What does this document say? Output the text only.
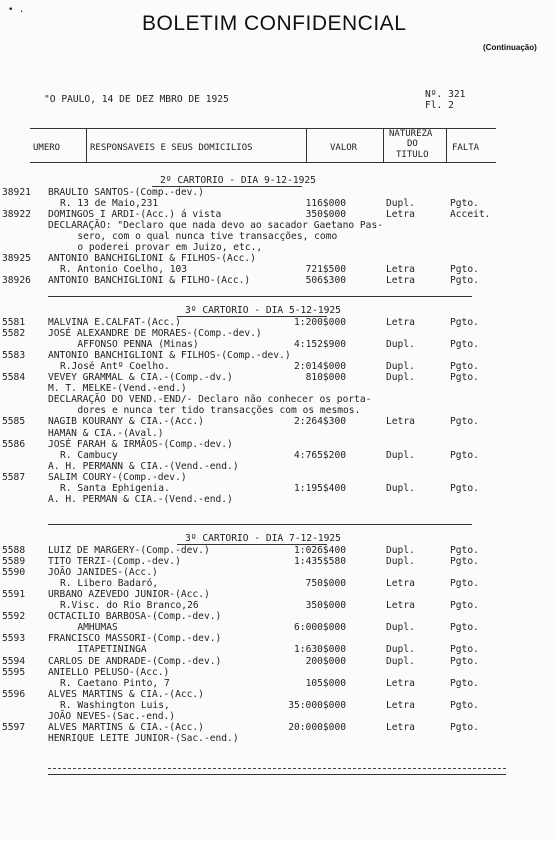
• .
BOLETIM CONFIDENCIAL
(Continuação)
"O PAULO, 14 DE DEZ MBRO DE 1925	Nº. 321
Fl. 2
UMERO	RESPONSAVEIS E SEUS DOMICILIOS	VALOR
NATUREZA
DO
TITULO
FALTA
2º CARTORIO - DIA 9-12-1925
38921 BRAULIO SANTOS-(Comp.-dev.)
R. 13 de Maio,231	116$000	Dupl.	Pgto.
38922 DOMINGOS I ARDI-(Acc.) á vista	350$000	Letra	Acceit.
DECLARAÇÃO: "Declaro que nada devo ao sacador Gaetano Pas-
sero, com o qual nunca tive transacções, como
o poderei provar em Juizo, etc.,
38925 ANTONIO BANCHIGLIONI & FILHOS-(Acc.)
R. Antonio Coelho, 103	721$500	Letra	Pgto.
38926 ANTONIO BANCHIGLIONI & FILHO-(Acc.)	506$300	Letra	Pgto.
3º CARTORIO - DIA 5-12-1925
5581 MALVINA E.CALFAT-(Acc.)	1:200$000	Letra	Pgto.
5582 JOSÉ ALEXANDRE DE MORAES-(Comp.-dev.)
AFFONSO PENNA (Minas)	4:152$900	Dupl.	Pgto.
5583 ANTONIO BANCHIGLIONI & FILHOS-(Comp.-dev.)
R.José Antº Coelho.	2:014$000	Dupl.	Pgto.
5584 VEVEY GRAMMAL & CIA.-(Comp.-dv.)	810$000	Dupl.	Pgto.
M. T. MELKE-(Vend.-end.)
DECLARAÇÃO DO VEND.-END/- Declaro não conhecer os porta-
dores e nunca ter tido transacções com os mesmos.
5585 NAGIB KOURANY & CIA.-(Acc.)	2:264$300	Letra	Pgto.
HAMAN & CIA.-(Aval.)
5586 JOSÉ FARAH & IRMÃOS-(Comp.-dev.)
R. Cambucy	4:765$200	Dupl.	Pgto.
A. H. PERMANN & CIA.-(Vend.-end.)
5587 SALIM COURY-(Comp.-dev.)
R. Santa Ephigenia.	1:195$400	Dupl.	Pgto.
A. H. PERMAN & CIA.-(Vend.-end.)
3º CARTORIO - DIA 7-12-1925
5588 LUIZ DE MARGERY-(Comp.-dev.)	1:026$400	Dupl.	Pgto.
5589 TITO TERZI-(Comp.-dev.)	1:435$580	Dupl.	Pgto.
5590 JOÃO JANIDES-(Acc.)
R. Libero Badaró,	750$000	Letra	Pgto.
5591 URBANO AZEVEDO JUNIOR-(Acc.)
R.Visc. do Rio Branco,26	350$000	Letra	Pgto.
5592 OCTACILIO BARBOSA-(Comp.-dev.)
AMHUMAS	6:000$000	Dupl.	Pgto.
5593 FRANCISCO MASSORI-(Comp.-dev.)
ITAPETININGA	1:630$000	Dupl.	Pgto.
5594 CARLOS DE ANDRADE-(Comp.-dev.)	200$000	Dupl.	Pgto.
5595 ANIELLO PELUSO-(Acc.)
R. Caetano Pinto, 7	105$000	Letra	Pgto.
5596 ALVES MARTINS & CIA.-(Acc.)
R. Washington Luis,	35:000$000	Letra	Pgto.
JOÃO NEVES-(Sac.-end.)
5597 ALVES MARTINS & CIA.-(Acc.)	20:000$000	Letra	Pgto.
HENRIQUE LEITE JUNIOR-(Sac.-end.)
